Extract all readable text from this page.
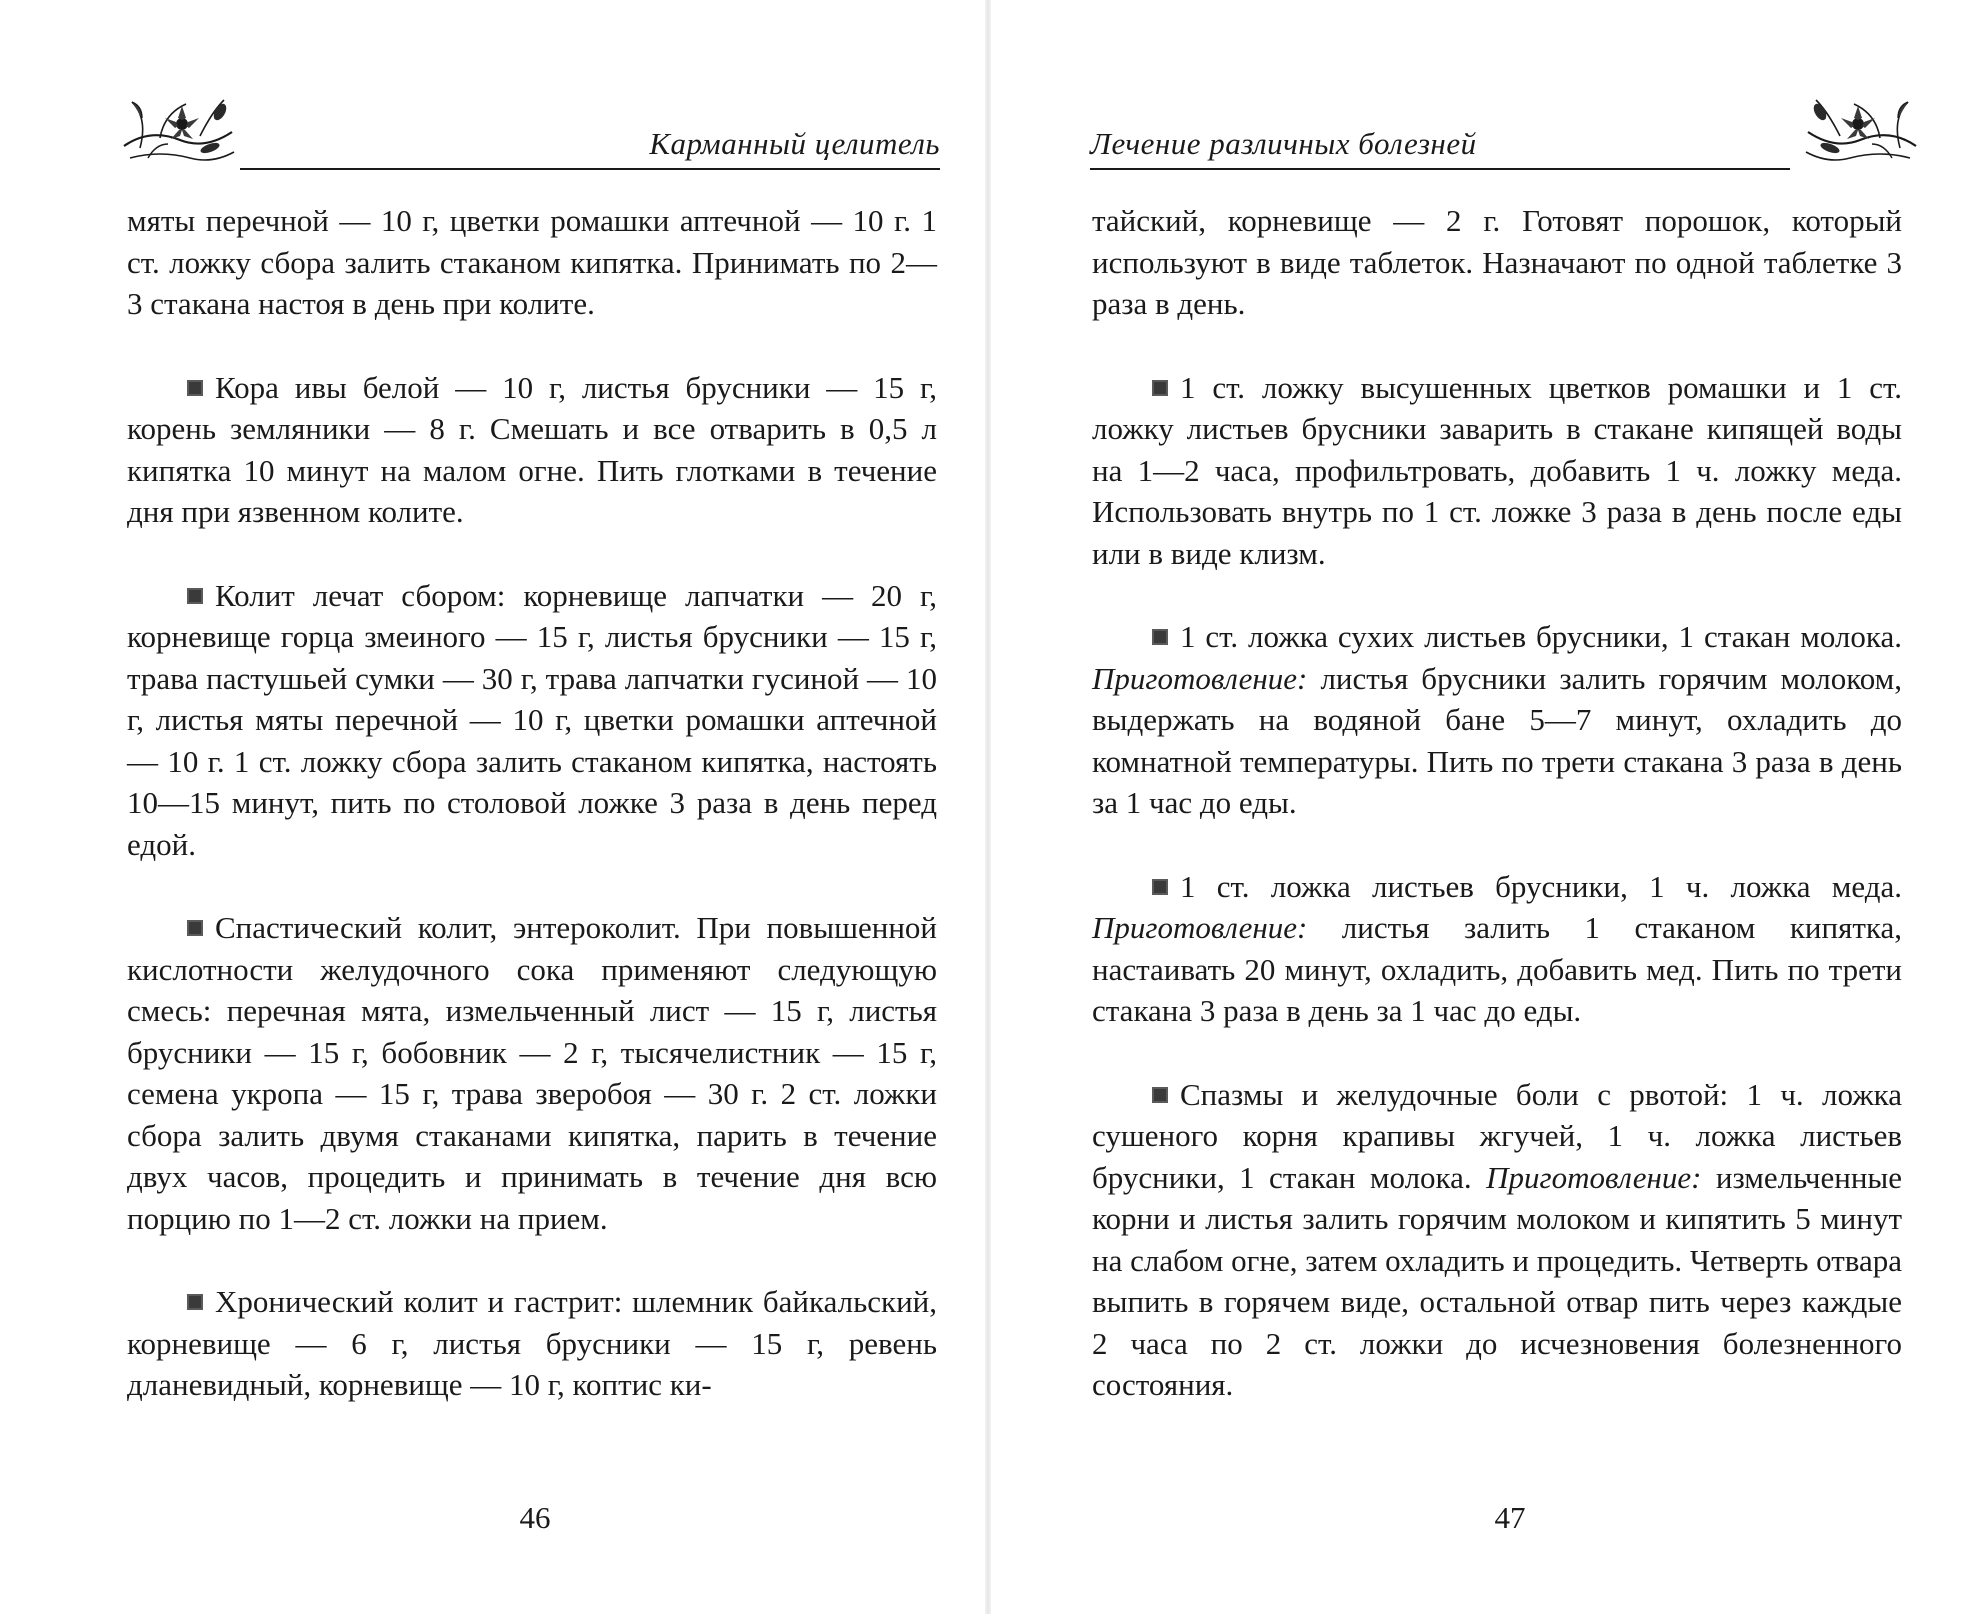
Карманный целитель

мяты перечной — 10 г, цветки ромашки аптечной — 10 г. 1 ст. ложку сбора залить стаканом кипятка. Принимать по 2—3 стакана настоя в день при колите.

Кора ивы белой — 10 г, листья брусники — 15 г, корень земляники — 8 г. Смешать и все отварить в 0,5 л кипятка 10 минут на малом огне. Пить глотками в течение дня при язвенном колите.

Колит лечат сбором: корневище лапчатки — 20 г, корневище горца змеиного — 15 г, листья брусники — 15 г, трава пастушьей сумки — 30 г, трава лапчатки гусиной — 10 г, листья мяты перечной — 10 г, цветки ромашки аптечной — 10 г. 1 ст. ложку сбора залить стаканом кипятка, настоять 10—15 минут, пить по столовой ложке 3 раза в день перед едой.

Спастический колит, энтероколит. При повышенной кислотности желудочного сока применяют следующую смесь: перечная мята, измельченный лист — 15 г, листья брусники — 15 г, бобовник — 2 г, тысячелистник — 15 г, семена укропа — 15 г, трава зверобоя — 30 г. 2 ст. ложки сбора залить двумя стаканами кипятка, парить в течение двух часов, процедить и принимать в течение дня всю порцию по 1—2 ст. ложки на прием.

Хронический колит и гастрит: шлемник байкальский, корневище — 6 г, листья брусники — 15 г, ревень дланевидный, корневище — 10 г, коптис ки-

46
Лечение различных болезней

тайский, корневище — 2 г. Готовят порошок, который используют в виде таблеток. Назначают по одной таблетке 3 раза в день.

1 ст. ложку высушенных цветков ромашки и 1 ст. ложку листьев брусники заварить в стакане кипящей воды на 1—2 часа, профильтровать, добавить 1 ч. ложку меда. Использовать внутрь по 1 ст. ложке 3 раза в день после еды или в виде клизм.

1 ст. ложка сухих листьев брусники, 1 стакан молока. Приготовление: листья брусники залить горячим молоком, выдержать на водяной бане 5—7 минут, охладить до комнатной температуры. Пить по трети стакана 3 раза в день за 1 час до еды.

1 ст. ложка листьев брусники, 1 ч. ложка меда. Приготовление: листья залить 1 стаканом кипятка, настаивать 20 минут, охладить, добавить мед. Пить по трети стакана 3 раза в день за 1 час до еды.

Спазмы и желудочные боли с рвотой: 1 ч. ложка сушеного корня крапивы жгучей, 1 ч. ложка листьев брусники, 1 стакан молока. Приготовление: измельченные корни и листья залить горячим молоком и кипятить 5 минут на слабом огне, затем охладить и процедить. Четверть отвара выпить в горячем виде, остальной отвар пить через каждые 2 часа по 2 ст. ложки до исчезновения болезненного состояния.

47
